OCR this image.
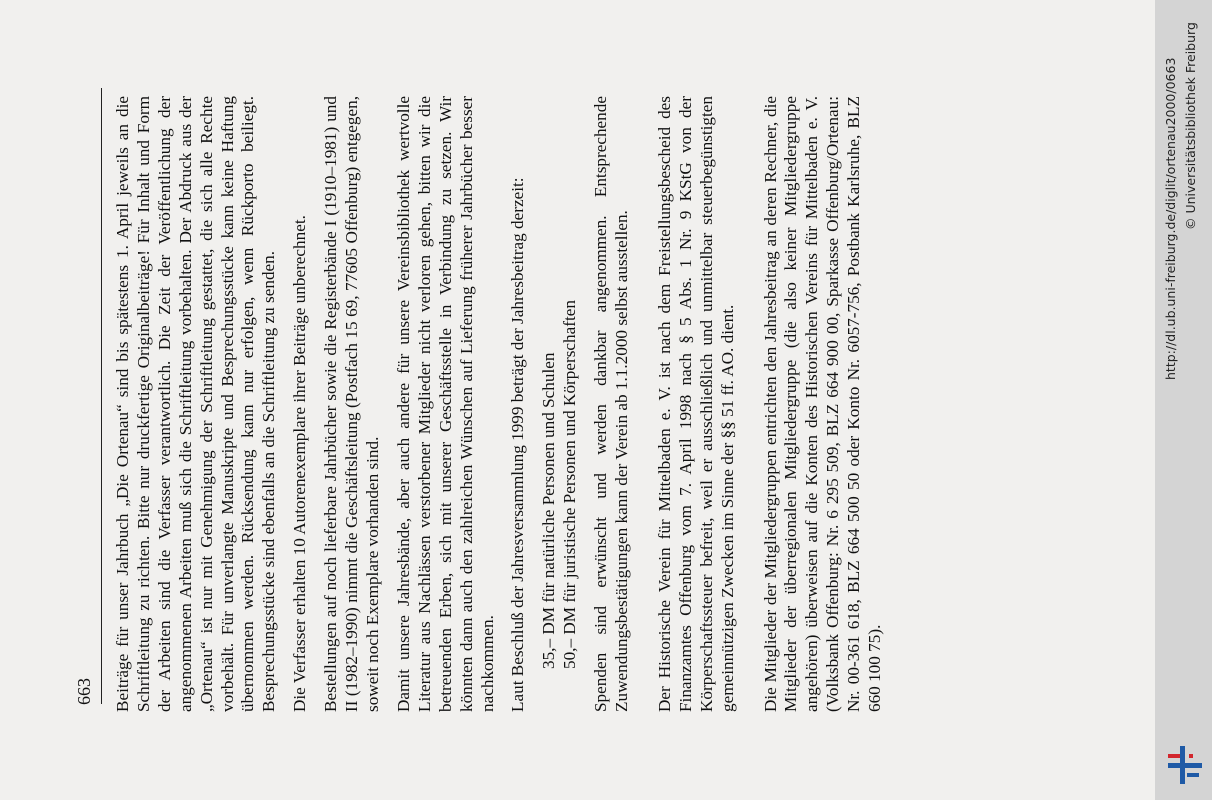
663 Beiträge für unser Jahrbuch „Die Ortenau“ sind bis spätestens 1. April jeweils an die Schriftleitung zu richten. Bitte nur druckfertige Originalbeiträge! Für Inhalt und Form der Arbeiten sind die Verfasser verantwortlich. Die Zeit der Veröffentlichung der angenommenen Arbeiten muß sich die Schriftleitung vorbehalten. Der Abdruck aus der „Ortenau“ ist nur mit Genehmigung der Schriftleitung gestattet, die sich alle Rechte vorbehält. Für unverlangte Manuskripte und Besprechungsstücke kann keine Haftung übernommen werden. Rücksendung kann nur erfolgen, wenn Rückporto beiliegt. Besprechungsstücke sind ebenfalls an die Schriftleitung zu senden. Die Verfasser erhalten 10 Autorenexemplare ihrer Beiträge unberechnet. Bestellungen auf noch lieferbare Jahrbücher sowie die Registerbände I (1910–1981) und II (1982–1990) nimmt die Geschäftsleitung (Postfach 15 69, 77605 Offenburg) entgegen, soweit noch Exemplare vorhanden sind. Damit unsere Jahresbände, aber auch andere für unsere Vereinsbibliothek wertvolle Literatur aus Nachlässen verstorbener Mitglieder nicht verloren gehen, bitten wir die betreuenden Erben, sich mit unserer Geschäftsstelle in Verbindung zu setzen. Wir könnten dann auch den zahlreichen Wünschen auf Lieferung früherer Jahrbücher besser nachkommen. Laut Beschluß der Jahresversammlung 1999 beträgt der Jahresbeitrag derzeit: 35,– DM für natürliche Personen und Schulen 50,– DM für juristische Personen und Körperschaften Spenden sind erwünscht und werden dankbar angenommen. Entsprechende Zuwendungsbestätigungen kann der Verein ab 1.1.2000 selbst ausstellen. Der Historische Verein für Mittelbaden e. V. ist nach dem Freistellungsbescheid des Finanzamtes Offenburg vom 7. April 1998 nach § 5 Abs. 1 Nr. 9 KStG von der Körperschaftssteuer befreit, weil er ausschließlich und unmittelbar steuerbegünstigten gemeinnützigen Zwecken im Sinne der §§ 51 ff. AO. dient. Die Mitglieder der Mitgliedergruppen entrichten den Jahresbeitrag an deren Rechner, die Mitglieder der überregionalen Mitgliedergruppe (die also keiner Mitgliedergruppe angehören) überweisen auf die Konten des Historischen Vereins für Mittelbaden e. V. (Volksbank Offenburg: Nr. 6 295 509, BLZ 664 900 00, Sparkasse Offenburg/Ortenau: Nr. 00-361 618, BLZ 664 500 50 oder Konto Nr. 6057-756, Postbank Karlsruhe, BLZ 660 100 75).

http://dl.ub.uni-freiburg.de/diglit/ortenau2000/0663 © Universitätsbibliothek Freiburg
